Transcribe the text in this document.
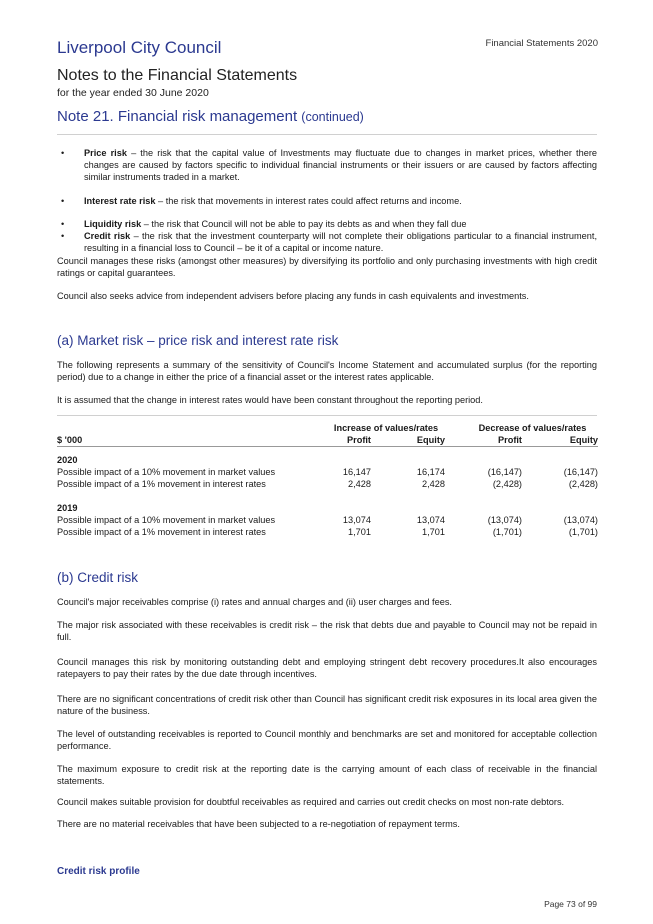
Liverpool City Council	Financial Statements 2020
Notes to the Financial Statements
for the year ended 30 June 2020
Note 21. Financial risk management (continued)
• Price risk – the risk that the capital value of Investments may fluctuate due to changes in market prices, whether there changes are caused by factors specific to individual financial instruments or their issuers or are caused by factors affecting similar instruments traded in a market.
• Interest rate risk – the risk that movements in interest rates could affect returns and income.
• Liquidity risk – the risk that Council will not be able to pay its debts as and when they fall due
• Credit risk – the risk that the investment counterparty will not complete their obligations particular to a financial instrument, resulting in a financial loss to Council – be it of a capital or income nature.
Council manages these risks (amongst other measures) by diversifying its portfolio and only purchasing investments with high credit ratings or capital guarantees.
Council also seeks advice from independent advisers before placing any funds in cash equivalents and investments.
(a) Market risk – price risk and interest rate risk
The following represents a summary of the sensitivity of Council's Income Statement and accumulated surplus (for the reporting period) due to a change in either the price of a financial asset or the interest rates applicable.
It is assumed that the change in interest rates would have been constant throughout the reporting period.
	Increase of values/rates		Decrease of values/rates	
$ '000	Profit	Equity	Profit	Equity

2020				
Possible impact of a 10% movement in market values	16,147	16,174	(16,147)	(16,147)
Possible impact of a 1% movement in interest rates	2,428	2,428	(2,428)	(2,428)

2019				
Possible impact of a 10% movement in market values	13,074	13,074	(13,074)	(13,074)
Possible impact of a 1% movement in interest rates	1,701	1,701	(1,701)	(1,701)
(b) Credit risk
Council's major receivables comprise (i) rates and annual charges and (ii) user charges and fees.
The major risk associated with these receivables is credit risk – the risk that debts due and payable to Council may not be repaid in full.
Council manages this risk by monitoring outstanding debt and employing stringent debt recovery procedures.It also encourages ratepayers to pay their rates by the due date through incentives.
There are no significant concentrations of credit risk other than Council has significant credit risk exposures in its local area given the nature of the business.
The level of outstanding receivables is reported to Council monthly and benchmarks are set and monitored for acceptable collection performance.
The maximum exposure to credit risk at the reporting date is the carrying amount of each class of receivable in the financial statements.
Council makes suitable provision for doubtful receivables as required and carries out credit checks on most non-rate debtors.
There are no material receivables that have been subjected to a re-negotiation of repayment terms.
Credit risk profile
Page 73 of 99
